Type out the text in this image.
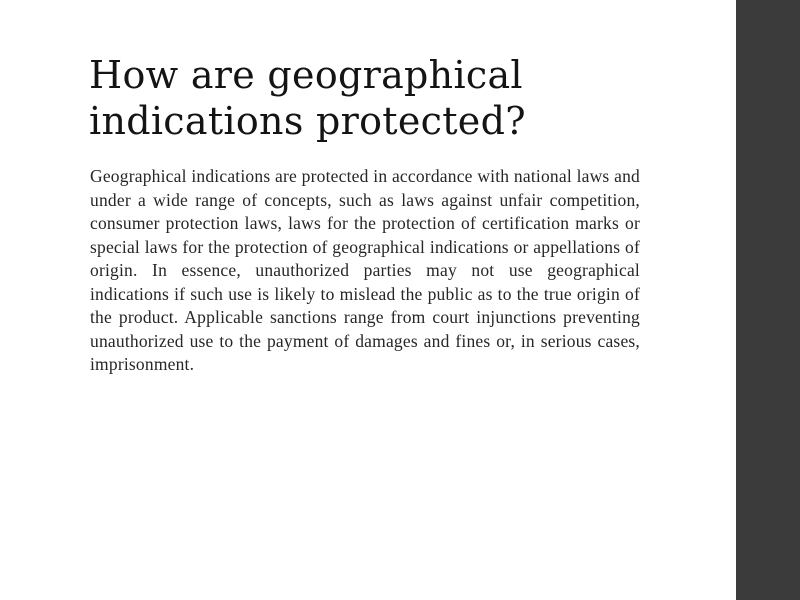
How are geographical indications protected?

Geographical indications are protected in accordance with national laws and under a wide range of concepts, such as laws against unfair competition, consumer protection laws, laws for the protection of certification marks or special laws for the protection of geographical indications or appellations of origin. In essence, unauthorized parties may not use geographical indications if such use is likely to mislead the public as to the true origin of the product. Applicable sanctions range from court injunctions preventing unauthorized use to the payment of damages and fines or, in serious cases, imprisonment.
